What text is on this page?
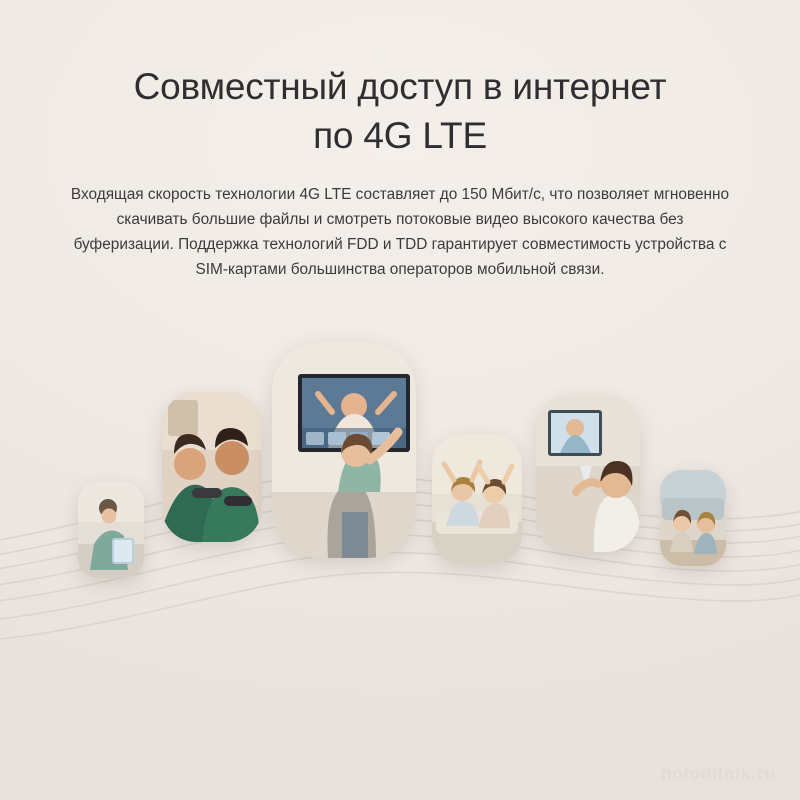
Совместный доступ в интернет
по 4G LTE

Входящая скорость технологии 4G LTE составляет до 150 Мбит/с, что позволяет мгновенно скачивать большие файлы и смотреть потоковые видео высокого качества без буферизации. Поддержка технологий FDD и TDD гарантирует совместимость устройства с SIM-картами большинства операторов мобильной связи.

holodilnik.ru
